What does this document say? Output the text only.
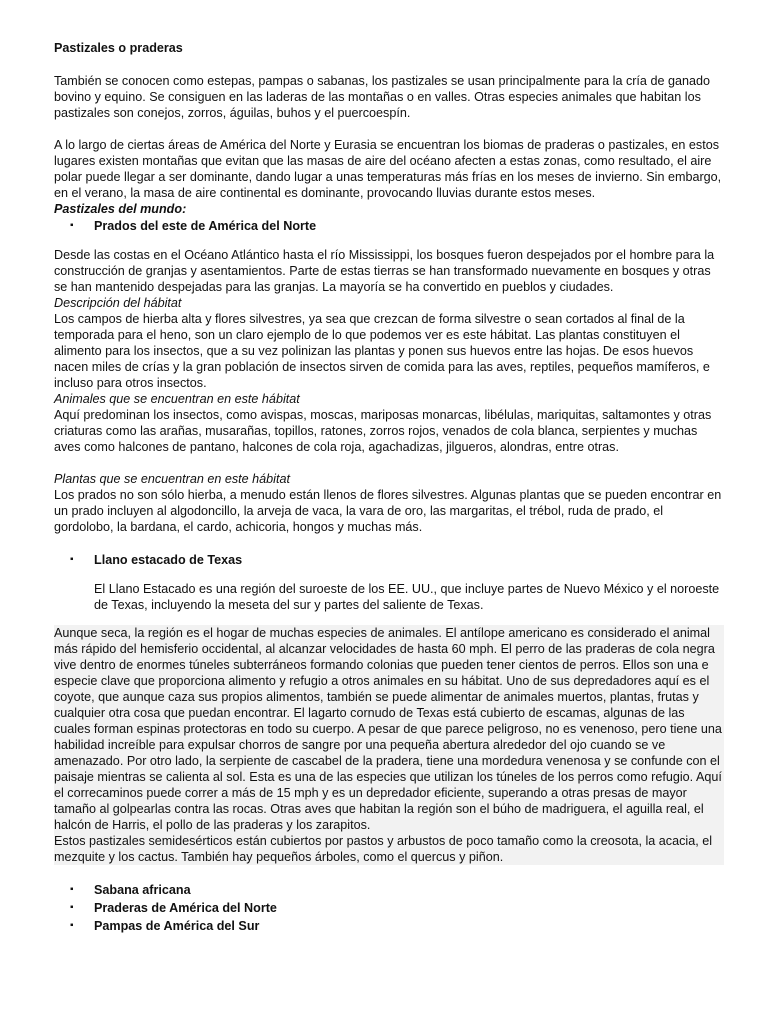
Pastizales o praderas

También se conocen como estepas, pampas o sabanas, los pastizales se usan principalmente para la cría de ganado bovino y equino. Se consiguen en las laderas de las montañas o en valles. Otras especies animales que habitan los pastizales son conejos, zorros, águilas, buhos y el puercoespín.

A lo largo de ciertas áreas de América del Norte y Eurasia se encuentran los biomas de praderas o pastizales, en estos lugares existen montañas que evitan que las masas de aire del océano afecten a estas zonas, como resultado, el aire polar puede llegar a ser dominante, dando lugar a unas temperaturas más frías en los meses de invierno. Sin embargo, en el verano, la masa de aire continental es dominante, provocando lluvias durante estos meses.

Pastizales del mundo:

▪ Prados del este de América del Norte

Desde las costas en el Océano Atlántico hasta el río Mississippi, los bosques fueron despejados por el hombre para la construcción de granjas y asentamientos. Parte de estas tierras se han transformado nuevamente en bosques y otras se han mantenido despejadas para las granjas. La mayoría se ha convertido en pueblos y ciudades.

Descripción del hábitat

Los campos de hierba alta y flores silvestres, ya sea que crezcan de forma silvestre o sean cortados al final de la temporada para el heno, son un claro ejemplo de lo que podemos ver es este hábitat. Las plantas constituyen el alimento para los insectos, que a su vez polinizan las plantas y ponen sus huevos entre las hojas. De esos huevos nacen miles de crías y la gran población de insectos sirven de comida para las aves, reptiles, pequeños mamíferos, e incluso para otros insectos.

Animales que se encuentran en este hábitat

Aquí predominan los insectos, como avispas, moscas, mariposas monarcas, libélulas, mariquitas, saltamontes y otras criaturas como las arañas, musarañas, topillos, ratones, zorros rojos, venados de cola blanca, serpientes y muchas aves como halcones de pantano, halcones de cola roja, agachadizas, jilgueros, alondras, entre otras.

Plantas que se encuentran en este hábitat

Los prados no son sólo hierba, a menudo están llenos de flores silvestres. Algunas plantas que se pueden encontrar en un prado incluyen al algodoncillo, la arveja de vaca, la vara de oro, las margaritas, el trébol, ruda de prado, el gordolobo, la bardana, el cardo, achicoria, hongos y muchas más.

▪ Llano estacado de Texas

El Llano Estacado es una región del suroeste de los EE. UU., que incluye partes de Nuevo México y el noroeste de Texas, incluyendo la meseta del sur y partes del saliente de Texas.

Aunque seca, la región es el hogar de muchas especies de animales. El antílope americano es considerado el animal más rápido del hemisferio occidental, al alcanzar velocidades de hasta 60 mph. El perro de las praderas de cola negra vive dentro de enormes túneles subterráneos formando colonias que pueden tener cientos de perros. Ellos son una e especie clave que proporciona alimento y refugio a otros animales en su hábitat. Uno de sus depredadores aquí es el coyote, que aunque caza sus propios alimentos, también se puede alimentar de animales muertos, plantas, frutas y cualquier otra cosa que puedan encontrar. El lagarto cornudo de Texas está cubierto de escamas, algunas de las cuales forman espinas protectoras en todo su cuerpo. A pesar de que parece peligroso, no es venenoso, pero tiene una habilidad increíble para expulsar chorros de sangre por una pequeña abertura alrededor del ojo cuando se ve amenazado. Por otro lado, la serpiente de cascabel de la pradera, tiene una mordedura venenosa y se confunde con el paisaje mientras se calienta al sol. Esta es una de las especies que utilizan los túneles de los perros como refugio. Aquí el correcaminos puede correr a más de 15 mph y es un depredador eficiente, superando a otras presas de mayor tamaño al golpearlas contra las rocas. Otras aves que habitan la región son el búho de madriguera, el aguilla real, el halcón de Harris, el pollo de las praderas y los zarapitos.

Estos pastizales semidesérticos están cubiertos por pastos y arbustos de poco tamaño como la creosota, la acacia, el mezquite y los cactus. También hay pequeños árboles, como el quercus y piñon.

▪ Sabana africana
▪ Praderas de América del Norte
▪ Pampas de América del Sur
